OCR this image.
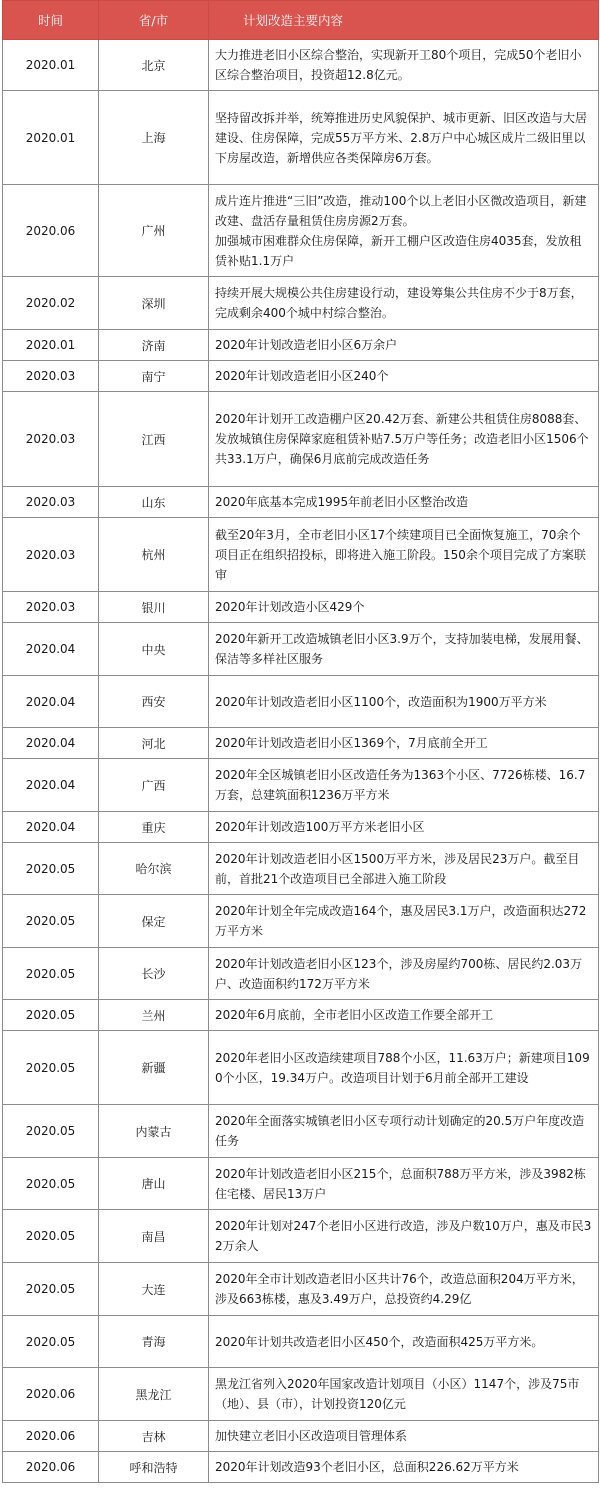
时间	省/市	计划改造主要内容
2020.01	北京	大力推进老旧小区综合整治，实现新开工80个项目，完成50个老旧小区综合整治项目，投资超12.8亿元。

2020.01	上海	坚持留改拆并举，统筹推进历史风貌保护、城市更新、旧区改造与大居建设、住房保障，完成55万平方米、2.8万户中心城区成片二级旧里以下房屋改造，新增供应各类保障房6万套。

2020.06	广州	成片连片推进“三旧”改造，推动100个以上老旧小区微改造项目，新建改建、盘活存量租赁住房房源2万套。

加强城市困难群众住房保障，新开工棚户区改造住房4035套，发放租赁补贴1.1万户

2020.02	深圳	持续开展大规模公共住房建设行动，建设筹集公共住房不少于8万套，完成剩余400个城中村综合整治。

2020.01	济南	2020年计划改造老旧小区6万余户

2020.03	南宁	2020年计划改造老旧小区240个

2020.03	江西	2020年计划开工改造棚户区20.42万套、新建公共租赁住房8088套、发放城镇住房保障家庭租赁补贴7.5万户等任务；改造老旧小区1506个共33.1万户，确保6月底前完成改造任务

2020.03	山东	2020年底基本完成1995年前老旧小区整治改造

2020.03	杭州	截至20年3月，全市老旧小区17个续建项目已全面恢复施工，70余个项目正在组织招投标，即将进入施工阶段。150余个项目完成了方案联审

2020.03	银川	2020年计划改造小区429个

2020.04	中央	2020年新开工改造城镇老旧小区3.9万个，支持加装电梯，发展用餐、保洁等多样社区服务

2020.04	西安	2020年计划改造老旧小区1100个，改造面积为1900万平方米

2020.04	河北	2020年计划改造老旧小区1369个，7月底前全开工

2020.04	广西	2020年全区城镇老旧小区改造任务为1363个小区、7726栋楼、16.7万套，总建筑面积1236万平方米

2020.04	重庆	2020年计划改造100万平方米老旧小区

2020.05	哈尔滨	2020年计划改造老旧小区1500万平方米，涉及居民23万户。截至目前，首批21个改造项目已全部进入施工阶段

2020.05	保定	2020年计划全年完成改造164个，惠及居民3.1万户，改造面积达272万平方米

2020.05	长沙	2020年计划改造老旧小区123个，涉及房屋约700栋、居民约2.03万户、改造面积约172万平方米

2020.05	兰州	2020年6月底前，全市老旧小区改造工作要全部开工

2020.05	新疆	2020年老旧小区改造续建项目788个小区，11.63万户；新建项目1090个小区，19.34万户。改造项目计划于6月前全部开工建设

2020.05	内蒙古	2020年全面落实城镇老旧小区专项行动计划确定的20.5万户年度改造任务

2020.05	唐山	2020年计划改造老旧小区215个，总面积788万平方米，涉及3982栋住宅楼、居民13万户

2020.05	南昌	2020年计划对247个老旧小区进行改造，涉及户数10万户，惠及市民32万余人

2020.05	大连	2020年全市计划改造老旧小区共计76个，改造总面积204万平方米，涉及663栋楼，惠及3.49万户，总投资约4.29亿

2020.05	青海	2020年计划共改造老旧小区450个，改造面积425万平方米。

2020.06	黑龙江	黑龙江省列入2020年国家改造计划项目（小区）1147个，涉及75市（地）、县（市），计划投资120亿元

2020.06	吉林	加快建立老旧小区改造项目管理体系

2020.06	呼和浩特	2020年计划改造93个老旧小区，总面积226.62万平方米
